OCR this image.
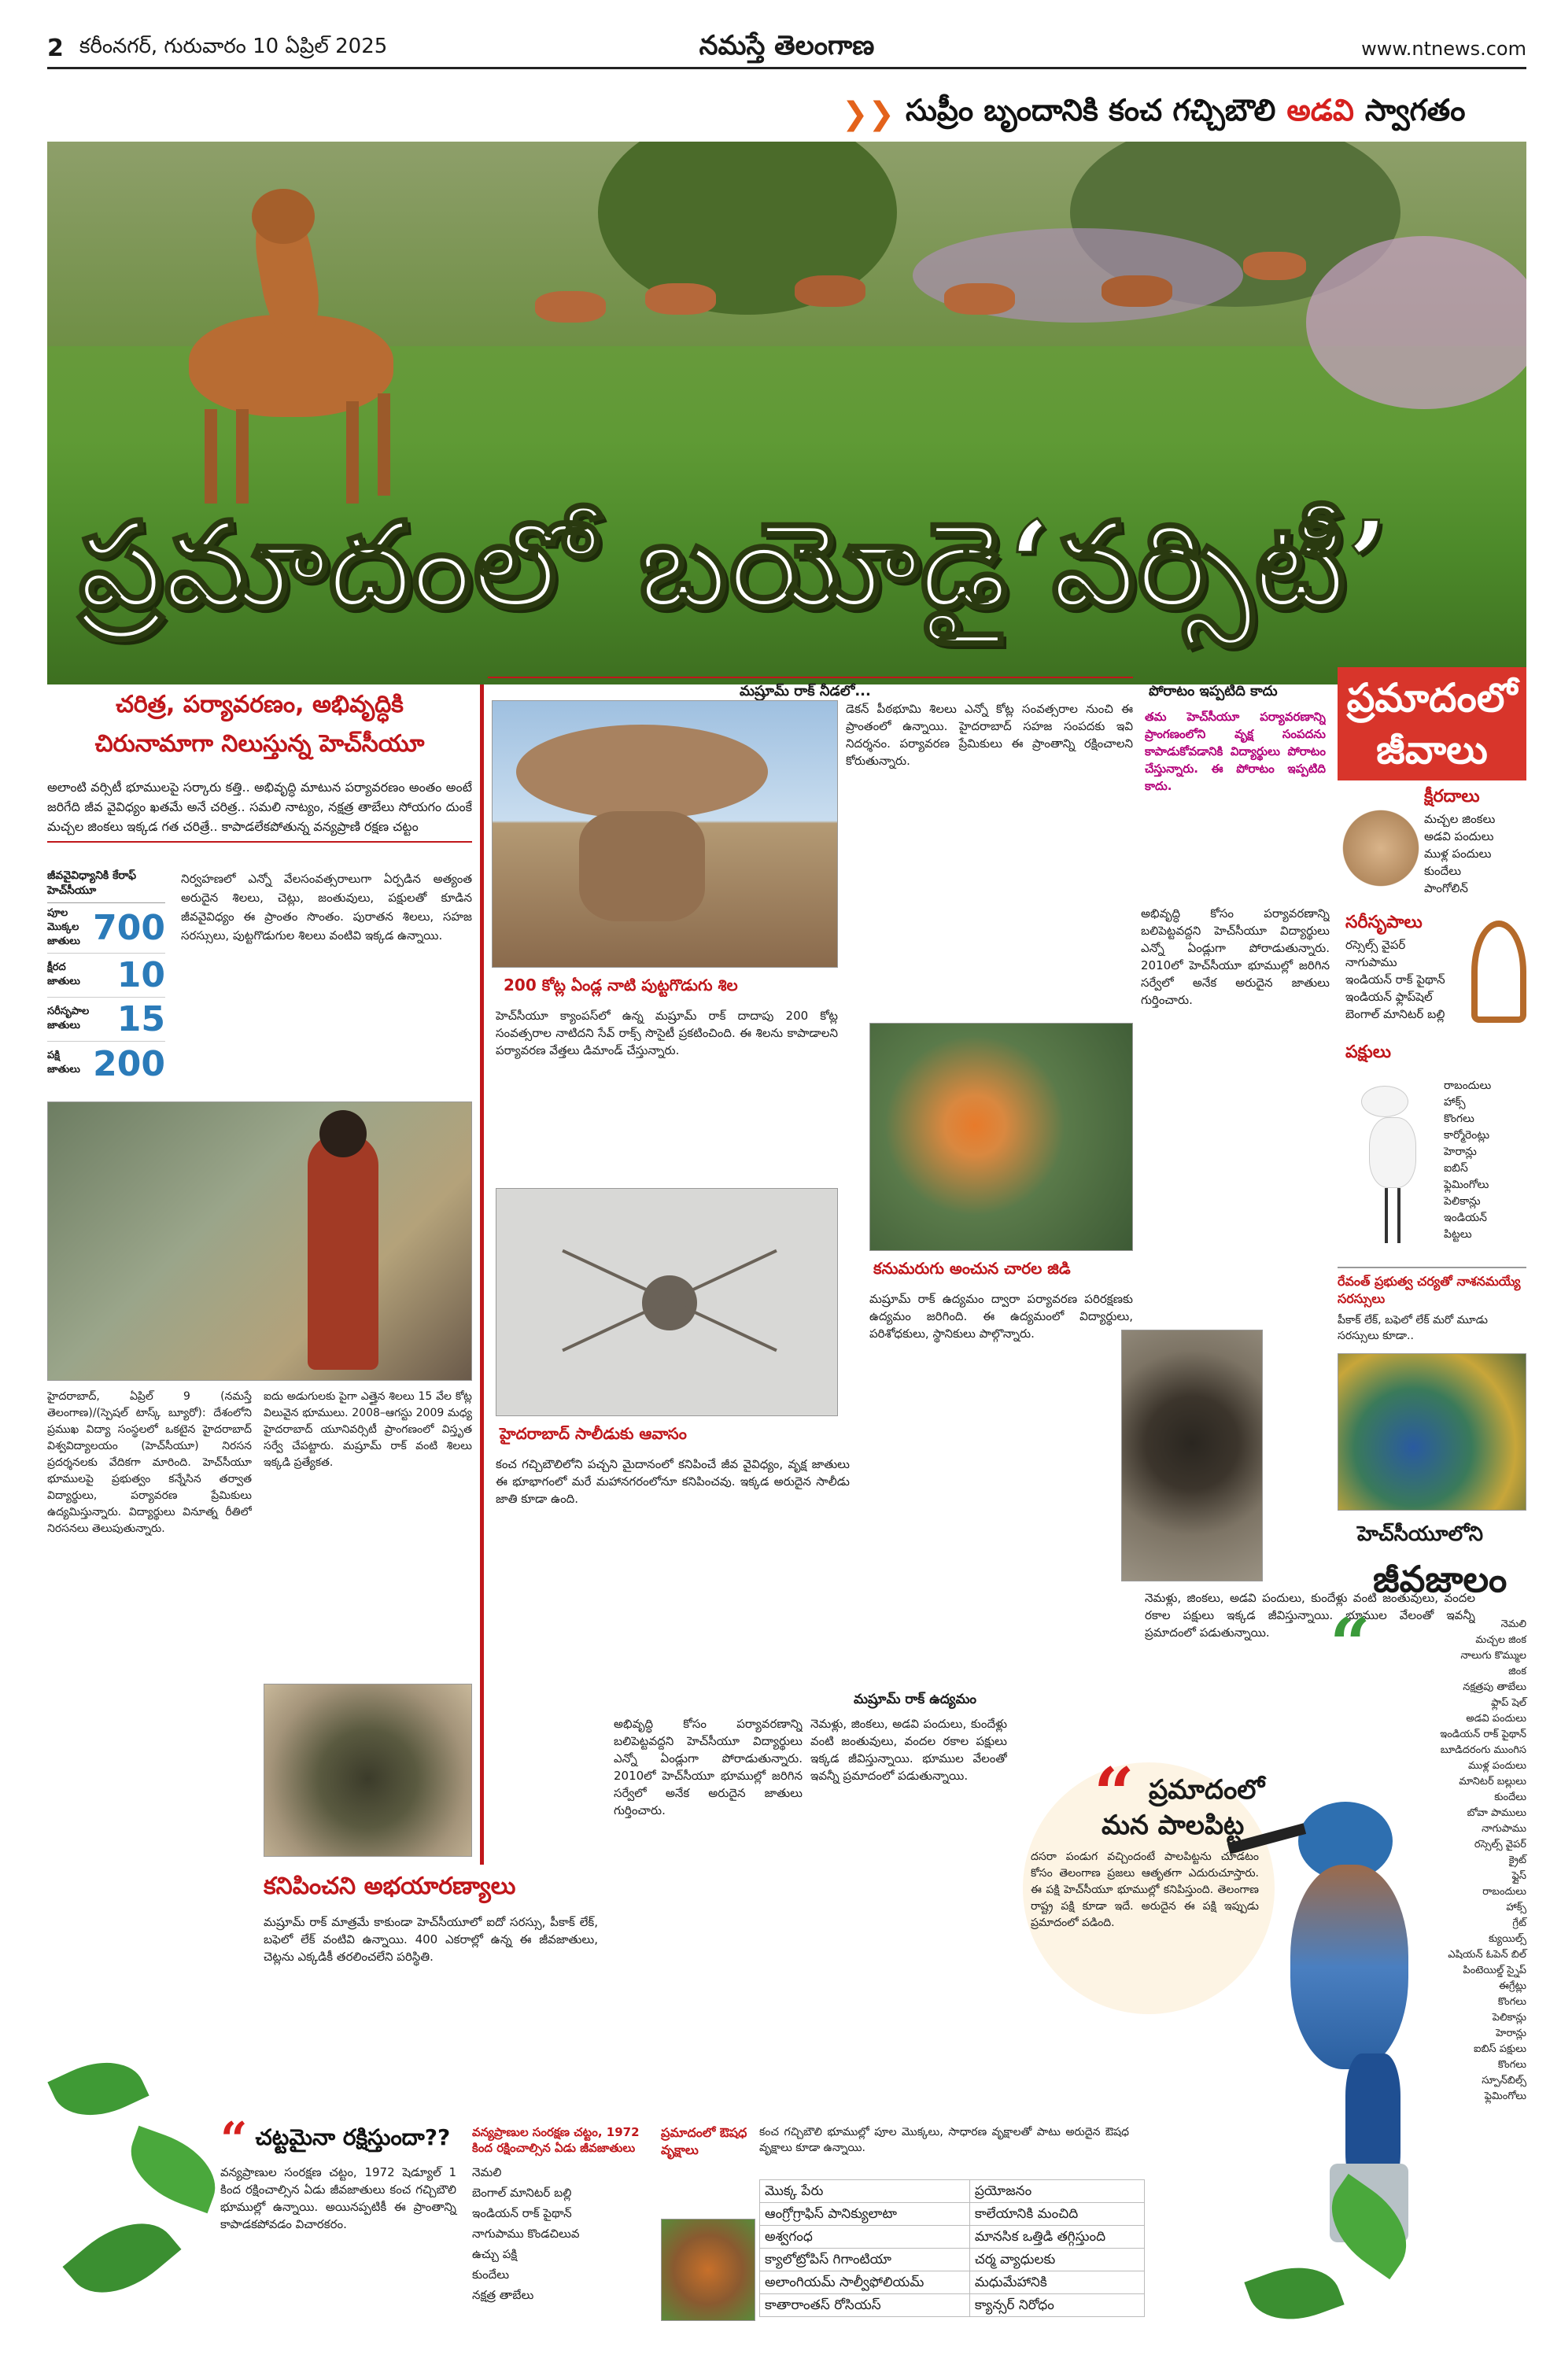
2 కరీంనగర్, గురువారం 10 ఏప్రిల్ 2025	నమస్తే తెలంగాణ	www.ntnews.com
❯❯ సుప్రీం బృందానికి కంచ గచ్చిబౌలి అడవి స్వాగతం
ప్రమాదంలో బయోడై‘వర్సిటీ’
చరిత్ర, పర్యావరణం, అభివృద్ధికి
చిరునామాగా నిలుస్తున్న హెచ్‌సీయూ
అలాంటి వర్సిటీ భూములపై సర్కారు కత్తి.. అభివృద్ధి మాటున పర్యావరణం అంతం అంటే జరిగేది జీవ వైవిధ్యం ఖతమే అనే చరిత్ర.. సమలి నాట్యం, నక్షత్ర తాబేలు సోయగం దుంకే మచ్చల జింకలు ఇక్కడ గత చరిత్రే.. కాపాడలేకపోతున్న వన్యప్రాణి రక్షణ చట్టం
జీవవైవిధ్యానికి కేరాఫ్ హెచ్‌సీయూ
పూల మొక్కల జాతులు 700
క్షీరద జాతులు	10
సరీసృపాల జాతులు	15
పక్షి జాతులు 200
నిర్వహణలో ఎన్నో వేలసంవత్సరాలుగా ఏర్పడిన అత్యంత అరుదైన శిలలు, చెట్లు, జంతువులు, పక్షులతో కూడిన జీవవైవిధ్యం ఈ ప్రాంతం సొంతం. పురాతన శిలలు, సహజ సరస్సులు, పుట్టగొడుగుల శిలలు వంటివి ఇక్కడ ఉన్నాయి.
హైదరాబాద్, ఏప్రిల్ 9 (నమస్తే తెలంగాణ)/(స్పెషల్ టాస్క్ బ్యూరో): దేశంలోని ప్రముఖ విద్యా సంస్థలలో ఒకటైన హైదరాబాద్ విశ్వవిద్యాలయం (హెచ్‌సీయూ) నిరసన ప్రదర్శనలకు వేదికగా మారింది. హెచ్‌సీయూ భూములపై ప్రభుత్వం కన్నేసిన తర్వాత విద్యార్థులు, పర్యావరణ ప్రేమికులు ఉద్యమిస్తున్నారు. విద్యార్థులు వినూత్న రీతిలో నిరసనలు తెలుపుతున్నారు.
ఐదు అడుగులకు పైగా ఎత్తైన శిలలు 15 వేల కోట్ల విలువైన భూములు. 2008–ఆగస్టు 2009 మధ్య హైదరాబాద్ యూనివర్సిటీ ప్రాంగణంలో విస్తృత సర్వే చేపట్టారు. మష్రూమ్ రాక్ వంటి శిలలు ఇక్కడి ప్రత్యేకత.
కనిపించని అభయారణ్యాలు
మష్రూమ్ రాక్ మాత్రమే కాకుండా హెచ్‌సీయూలో ఐదో సరస్సు, పీకాక్ లేక్, బఫెలో లేక్ వంటివి ఉన్నాయి. 400 ఎకరాల్లో ఉన్న ఈ జీవజాతులు, చెట్లను ఎక్కడికీ తరలించలేని పరిస్థితి.
“ చట్టమైనా రక్షిస్తుందా??
వన్యప్రాణుల సంరక్షణ చట్టం, 1972 షెడ్యూల్ 1 కింద రక్షించాల్సిన ఏడు జీవజాతులు కంచ గచ్చిబౌలి భూముల్లో ఉన్నాయి. అయినప్పటికీ ఈ ప్రాంతాన్ని కాపాడకపోవడం విచారకరం.
వన్యప్రాణుల సంరక్షణ చట్టం, 1972 కింద రక్షించాల్సిన ఏడు జీవజాతులు
నెమలి
బెంగాల్ మానిటర్ బల్లి
ఇండియన్ రాక్ పైథాన్
నాగుపాము కొండచిలువ
ఉచ్చు పక్షి
కుందేలు
నక్షత్ర తాబేలు
మష్రూమ్ రాక్ నీడలో...
200 కోట్ల ఏండ్ల నాటి పుట్టగొడుగు శిల
హెచ్‌సీయూ క్యాంపస్‌లో ఉన్న మష్రూమ్ రాక్ దాదాపు 200 కోట్ల సంవత్సరాల నాటిదని సేవ్ రాక్స్ సొసైటీ ప్రకటించింది. ఈ శిలను కాపాడాలని పర్యావరణ వేత్తలు డిమాండ్ చేస్తున్నారు.
హైదరాబాద్ సాలీడుకు ఆవాసం
డెకన్ పీఠభూమి శిలలు ఎన్నో కోట్ల సంవత్సరాల నుంచి ఈ ప్రాంతంలో ఉన్నాయి. హైదరాబాద్ సహజ సంపదకు ఇవి నిదర్శనం. పర్యావరణ ప్రేమికులు ఈ ప్రాంతాన్ని రక్షించాలని కోరుతున్నారు.
కనుమరుగు అంచున చారల జిడి
మష్రూమ్ రాక్ ఉద్యమం ద్వారా పర్యావరణ పరిరక్షణకు ఉద్యమం జరిగింది. ఈ ఉద్యమంలో విద్యార్థులు, పరిశోధకులు, స్థానికులు పాల్గొన్నారు.
కంచ గచ్చిబౌలిలోని పచ్చని మైదానంలో కనిపించే జీవ వైవిధ్యం, వృక్ష జాతులు ఈ భూభాగంలో మరే మహానగరంలోనూ కనిపించవు. ఇక్కడ అరుదైన సాలీడు జాతి కూడా ఉంది.
మష్రూమ్ రాక్ ఉద్యమం
అభివృద్ధి కోసం పర్యావరణాన్ని బలిపెట్టవద్దని హెచ్‌సీయూ విద్యార్థులు ఎన్నో ఏండ్లుగా పోరాడుతున్నారు. 2010లో హెచ్‌సీయూ భూముల్లో జరిగిన సర్వేలో అనేక అరుదైన జాతులు గుర్తించారు.
నెమళ్లు, జింకలు, అడవి పందులు, కుందేళ్లు వంటి జంతువులు, వందల రకాల పక్షులు ఇక్కడ జీవిస్తున్నాయి. భూముల వేలంతో ఇవన్నీ ప్రమాదంలో పడుతున్నాయి.
పోరాటం ఇప్పటిది కాదు
తమ హెచ్‌సీయూ పర్యావరణాన్ని ప్రాంగణంలోని వృక్ష సంపదను కాపాడుకోవడానికి విద్యార్థులు పోరాటం చేస్తున్నారు. ఈ పోరాటం ఇప్పటిది కాదు.
అభివృద్ధి కోసం పర్యావరణాన్ని బలిపెట్టవద్దని హెచ్‌సీయూ విద్యార్థులు ఎన్నో ఏండ్లుగా పోరాడుతున్నారు. 2010లో హెచ్‌సీయూ భూముల్లో జరిగిన సర్వేలో అనేక అరుదైన జాతులు గుర్తించారు.
నెమళ్లు, జింకలు, అడవి పందులు, కుందేళ్లు వంటి జంతువులు, వందల రకాల పక్షులు ఇక్కడ జీవిస్తున్నాయి. భూముల వేలంతో ఇవన్నీ ప్రమాదంలో పడుతున్నాయి.
“ ప్రమాదంలో
మన పాలపిట్ట
దసరా పండుగ వచ్చిందంటే పాలపిట్టను చూడటం కోసం తెలంగాణ ప్రజలు ఆతృతగా ఎదురుచూస్తారు. ఈ పక్షి హెచ్‌సీయూ భూముల్లో కనిపిస్తుంది. తెలంగాణ రాష్ట్ర పక్షి కూడా ఇదే. అరుదైన ఈ పక్షి ఇప్పుడు ప్రమాదంలో పడింది.
ప్రమాదంలో ఔషధ వృక్షాలు
కంచ గచ్చిబౌలి భూముల్లో పూల మొక్కలు, సాధారణ వృక్షాలతో పాటు అరుదైన ఔషధ వృక్షాలు కూడా ఉన్నాయి.
మొక్క పేరు	ప్రయోజనం
ఆంగ్రోగ్రాఫిస్ పానిక్యులాటా	కాలేయానికి మంచిది
అశ్వగంధ	మానసిక ఒత్తిడి తగ్గిస్తుంది
క్యాలోట్రోపిస్ గిగాంటియా	చర్మ వ్యాధులకు
అలాంగియమ్ సాల్వీఫోలియమ్	మధుమేహానికి
కాతారాంతస్ రోసియస్	క్యాన్సర్ నిరోధం
ప్రమాదంలో జీవాలు
క్షీరదాలు
మచ్చల జింకలు
అడవి పందులు
ముళ్ల పందులు
కుందేలు
పాంగోలిన్
సరీసృపాలు
రస్సెల్స్ వైపర్
నాగుపాము
ఇండియన్ రాక్ పైథాన్
ఇండియన్ ఫ్లాప్‌షెల్
బెంగాల్ మానిటర్ బల్లి
పక్షులు
రాబందులు
హాక్స్
కొంగలు
కార్మోరెంట్లు
హెరాన్లు
ఐబిస్
ఫ్లెమింగోలు
పెలికాన్లు
ఇండియన్
పిట్టలు
రేవంత్ ప్రభుత్వ చర్యతో నాశనమయ్యే సరస్సులు
పీకాక్ లేక్, బఫెలో లేక్ మరో మూడు సరస్సులు కూడా..
హెచ్‌సీయూలోని
జీవజాలం
“	నెమలి
మచ్చల జింక
నాలుగు కొమ్ముల జింక
నక్షత్రపు తాబేలు
ఫ్లాప్ షెల్
అడవి పందులు
ఇండియన్ రాక్ పైథాన్
బూడిదరంగు ముంగిస
ముళ్ల పందులు
మానిటర్ బల్లులు
కుందేలు
బోవా పాములు
నాగుపాము
రస్సెల్స్ వైపర్
క్రైట్
ఫ్లైస్
రాబందులు
హాక్స్
గ్రేట్
క్యుయిల్స్
ఎషియన్ ఓపెన్ బిల్
పింటెయిల్డ్ స్నైప్
ఈగ్రేట్లు
కొంగలు
పెలికాన్లు
హెరాన్లు
ఐబిస్ పక్షులు
కొంగలు
స్పూన్‌బిల్స్
ఫ్లెమింగోలు
